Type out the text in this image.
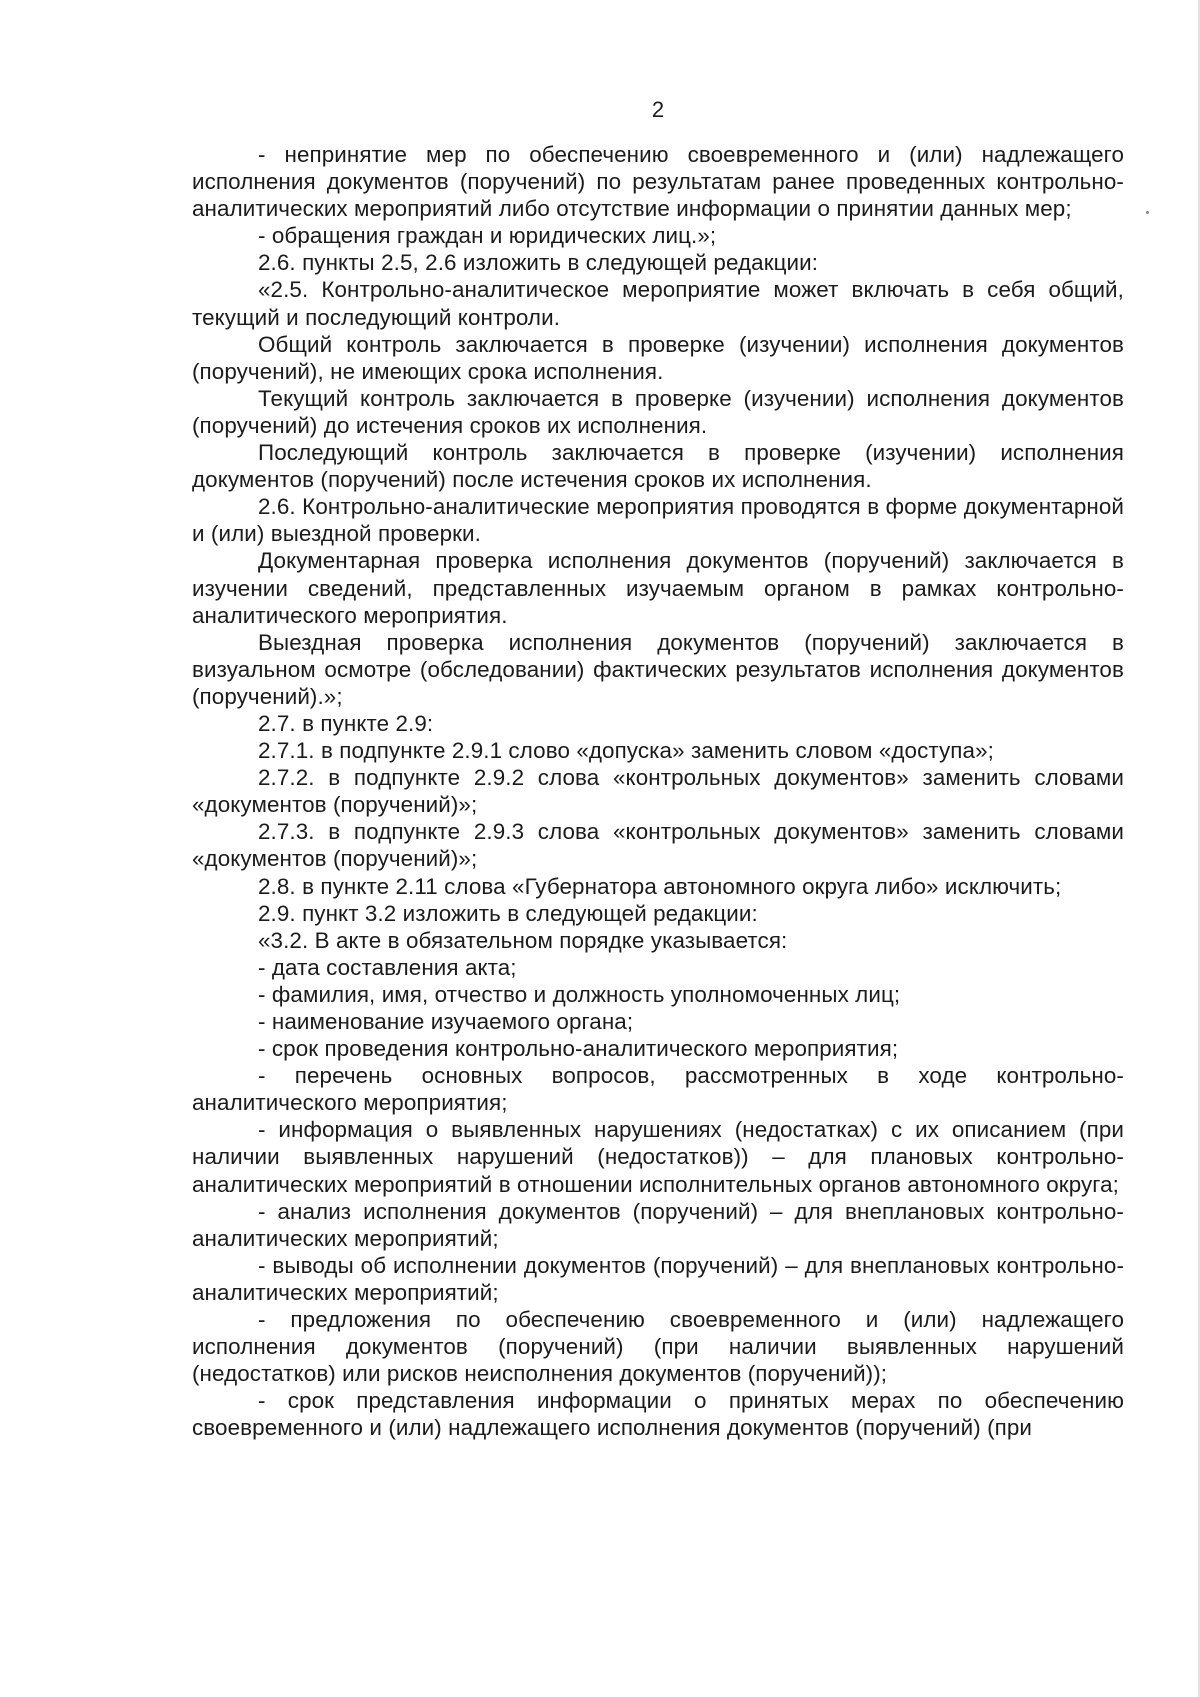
2

- непринятие мер по обеспечению своевременного и (или) надлежащего исполнения документов (поручений) по результатам ранее проведенных контрольно-аналитических мероприятий либо отсутствие информации о принятии данных мер;

- обращения граждан и юридических лиц.»;

2.6. пункты 2.5, 2.6 изложить в следующей редакции:

«2.5. Контрольно-аналитическое мероприятие может включать в себя общий, текущий и последующий контроли.

Общий контроль заключается в проверке (изучении) исполнения документов (поручений), не имеющих срока исполнения.

Текущий контроль заключается в проверке (изучении) исполнения документов (поручений) до истечения сроков их исполнения.

Последующий контроль заключается в проверке (изучении) исполнения документов (поручений) после истечения сроков их исполнения.

2.6. Контрольно-аналитические мероприятия проводятся в форме документарной и (или) выездной проверки.

Документарная проверка исполнения документов (поручений) заключается в изучении сведений, представленных изучаемым органом в рамках контрольно-аналитического мероприятия.

Выездная проверка исполнения документов (поручений) заключается в визуальном осмотре (обследовании) фактических результатов исполнения документов (поручений).»;

2.7. в пункте 2.9:

2.7.1. в подпункте 2.9.1 слово «допуска» заменить словом «доступа»;

2.7.2. в подпункте 2.9.2 слова «контрольных документов» заменить словами «документов (поручений)»;

2.7.3. в подпункте 2.9.3 слова «контрольных документов» заменить словами «документов (поручений)»;

2.8. в пункте 2.11 слова «Губернатора автономного округа либо» исключить;

2.9. пункт 3.2 изложить в следующей редакции:

«3.2. В акте в обязательном порядке указывается:

- дата составления акта;

- фамилия, имя, отчество и должность уполномоченных лиц;

- наименование изучаемого органа;

- срок проведения контрольно-аналитического мероприятия;

- перечень основных вопросов, рассмотренных в ходе контрольно-аналитического мероприятия;

- информация о выявленных нарушениях (недостатках) с их описанием (при наличии выявленных нарушений (недостатков)) – для плановых контрольно-аналитических мероприятий в отношении исполнительных органов автономного округа;

- анализ исполнения документов (поручений) – для внеплановых контрольно-аналитических мероприятий;

- выводы об исполнении документов (поручений) – для внеплановых контрольно-аналитических мероприятий;

- предложения по обеспечению своевременного и (или) надлежащего исполнения документов (поручений) (при наличии выявленных нарушений (недостатков) или рисков неисполнения документов (поручений));

- срок представления информации о принятых мерах по обеспечению своевременного и (или) надлежащего исполнения документов (поручений) (при
